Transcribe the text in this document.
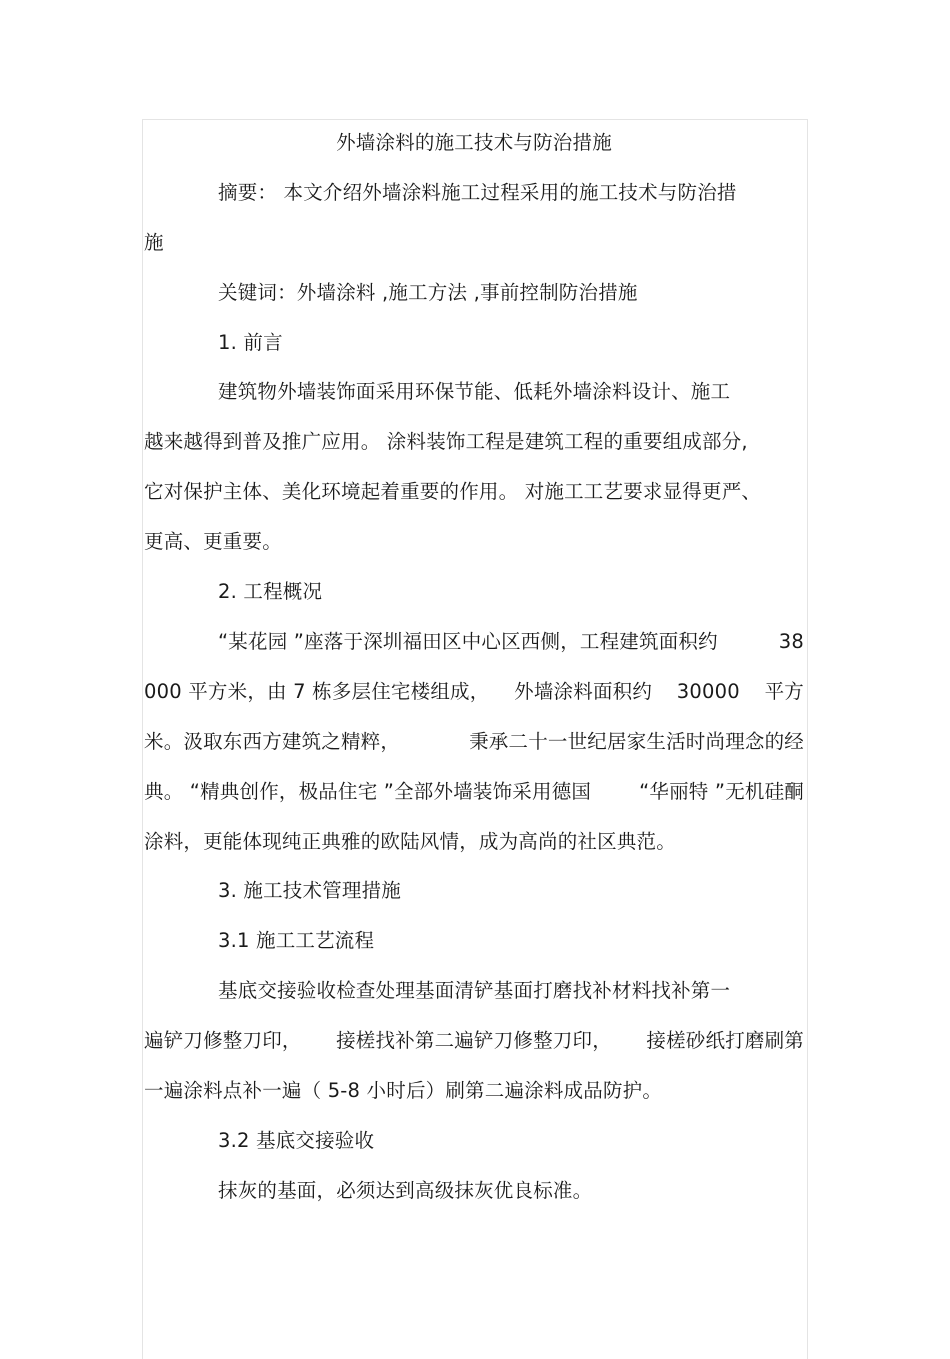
外墙涂料的施工技术与防治措施
摘要： 本文介绍外墙涂料施工过程采用的施工技术与防治措
施
关键词：外墙涂料 ,施工方法 ,事前控制防治措施
1. 前言
建筑物外墙装饰面采用环保节能、低耗外墙涂料设计、施工
越来越得到普及推广应用。 涂料装饰工程是建筑工程的重要组成部分,
它对保护主体、美化环境起着重要的作用。 对施工工艺要求显得更严、
更高、更重要。
2. 工程概况
“某花园 ”座落于深圳福田区中心区西侧，工程建筑面积约	38
000 平方米，由 7 栋多层住宅楼组成， 外墙涂料面积约 30000 平方
米。汲取东西方建筑之精粹，	秉承二十一世纪居家生活时尚理念的经
典。 “精典创作，极品住宅 ”全部外墙装饰采用德国 “华丽特 ”无机硅酮
涂料，更能体现纯正典雅的欧陆风情，成为高尚的社区典范。
3. 施工技术管理措施
3.1 施工工艺流程
基底交接验收检查处理基面清铲基面打磨找补材料找补第一
遍铲刀修整刀印， 接槎找补第二遍铲刀修整刀印， 接槎砂纸打磨刷第
一遍涂料点补一遍（ 5-8 小时后）刷第二遍涂料成品防护。
3.2 基底交接验收
抹灰的基面，必须达到高级抹灰优良标准。
